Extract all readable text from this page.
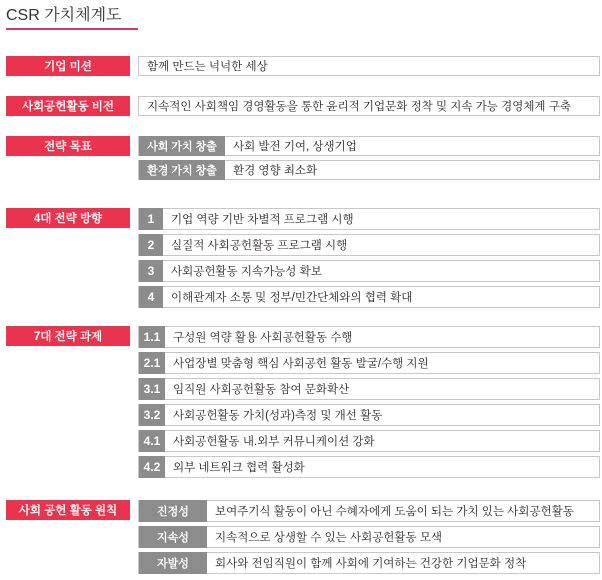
CSR 가치체계도
기업 미션	함께 만드는 넉넉한 세상
사회공헌활동 비전	지속적인 사회책임 경영활동을 통한 윤리적 기업문화 정착 및 지속 가능 경영체계 구축
전략 목표	사회 가치 창출	사회 발전 기여, 상생기업
환경 가치 창출	환경 영향 최소화
4대 전략 방향	1	기업 역량 기반 차별적 프로그램 시행
2	실질적 사회공헌활동 프로그램 시행
3	사회공헌활동 지속가능성 확보
4	이해관계자 소통 및 정부/민간단체와의 협력 확대
7대 전략 과제	1.1	구성원 역량 활용 사회공헌활동 수행
2.1	사업장별 맞춤형 핵심 사회공헌 활동 발굴/수행 지원
3.1	임직원 사회공헌활동 참여 문화확산
3.2	사회공헌활동 가치(성과)측정 및 개선 활동
4.1	사회공헌활동 내.외부 커뮤니케이션 강화
4.2	외부 네트워크 협력 활성화
사회 공헌 활동 원칙	진정성	보여주기식 활동이 아닌 수혜자에게 도움이 되는 가치 있는 사회공헌활동
지속성	지속적으로 상생할 수 있는 사회공헌활동 모색
자발성	회사와 전임직원이 함께 사회에 기여하는 건강한 기업문화 정착
